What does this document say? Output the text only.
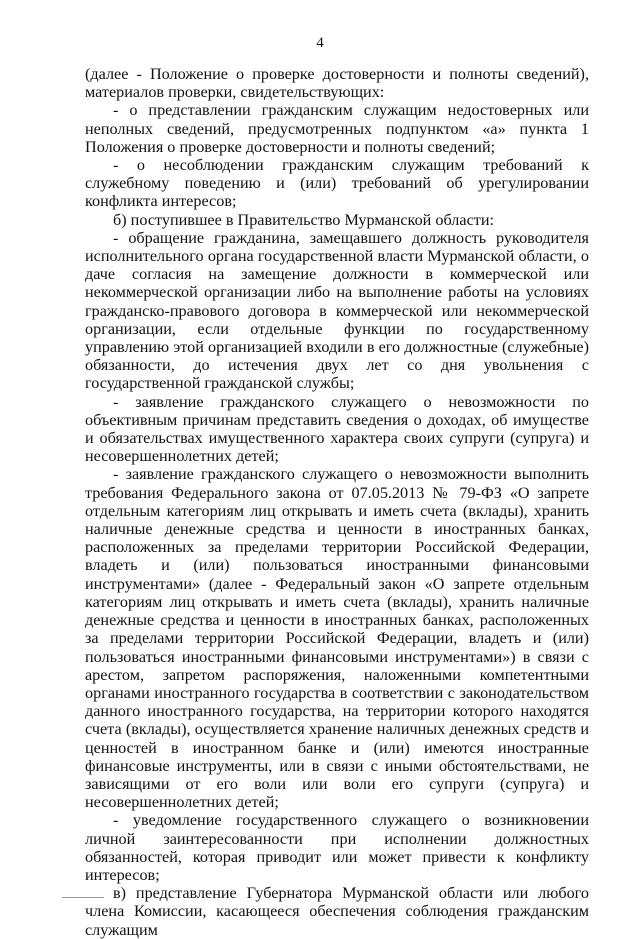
4

(далее - Положение о проверке достоверности и полноты сведений), материалов проверки, свидетельствующих:

- о представлении гражданским служащим недостоверных или неполных сведений, предусмотренных подпунктом «а» пункта 1 Положения о проверке достоверности и полноты сведений;

- о несоблюдении гражданским служащим требований к служебному поведению и (или) требований об урегулировании конфликта интересов;

б) поступившее в Правительство Мурманской области:

- обращение гражданина, замещавшего должность руководителя исполнительного органа государственной власти Мурманской области, о даче согласия на замещение должности в коммерческой или некоммерческой организации либо на выполнение работы на условиях гражданско-правового договора в коммерческой или некоммерческой организации, если отдельные функции по государственному управлению этой организацией входили в его должностные (служебные) обязанности, до истечения двух лет со дня увольнения с государственной гражданской службы;

- заявление гражданского служащего о невозможности по объективным причинам представить сведения о доходах, об имуществе и обязательствах имущественного характера своих супруги (супруга) и несовершеннолетних детей;

- заявление гражданского служащего о невозможности выполнить требования Федерального закона от 07.05.2013 № 79-ФЗ «О запрете отдельным категориям лиц открывать и иметь счета (вклады), хранить наличные денежные средства и ценности в иностранных банках, расположенных за пределами территории Российской Федерации, владеть и (или) пользоваться иностранными финансовыми инструментами» (далее - Федеральный закон «О запрете отдельным категориям лиц открывать и иметь счета (вклады), хранить наличные денежные средства и ценности в иностранных банках, расположенных за пределами территории Российской Федерации, владеть и (или) пользоваться иностранными финансовыми инструментами») в связи с арестом, запретом распоряжения, наложенными компетентными органами иностранного государства в соответствии с законодательством данного иностранного государства, на территории которого находятся счета (вклады), осуществляется хранение наличных денежных средств и ценностей в иностранном банке и (или) имеются иностранные финансовые инструменты, или в связи с иными обстоятельствами, не зависящими от его воли или воли его супруги (супруга) и несовершеннолетних детей;

- уведомление государственного служащего о возникновении личной заинтересованности при исполнении должностных обязанностей, которая приводит или может привести к конфликту интересов;

в) представление Губернатора Мурманской области или любого члена Комиссии, касающееся обеспечения соблюдения гражданским служащим
